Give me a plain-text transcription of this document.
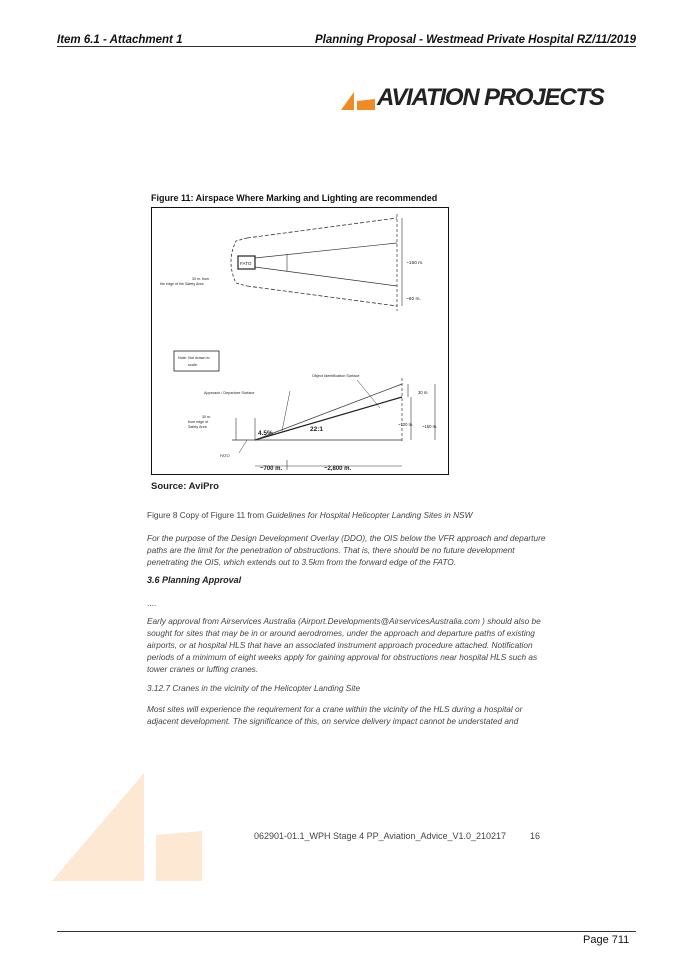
Item 6.1 - Attachment 1	Planning Proposal - Westmead Private Hospital RZ/11/2019
AVIATION PROJECTS
Figure 11: Airspace Where Marking and Lighting are recommended
FATO	~150 m.
~60 m.
30 m. from
the edge of the Safety Area
Note: Not drawn to
scale.
Object Identification Surface
Approach / Departure Surface
30 m.
from edge of
Safety Area
FATO
4.5%
22:1
30 m.
~120 m. ~150 m.
~700 m.	~2,800 m.
Source: AviPro
Figure 8 Copy of Figure 11 from Guidelines for Hospital Helicopter Landing Sites in NSW
For the purpose of the Design Development Overlay (DDO), the OIS below the VFR approach and departure paths are the limit for the penetration of obstructions. That is, there should be no future development penetrating the OIS, which extends out to 3.5km from the forward edge of the FATO.
3.6 Planning Approval
....
Early approval from Airservices Australia (Airport.Developments@AirservicesAustralia.com ) should also be sought for sites that may be in or around aerodromes, under the approach and departure paths of existing airports, or at hospital HLS that have an associated instrument approach procedure attached. Notification periods of a minimum of eight weeks apply for gaining approval for obstructions near hospital HLS such as tower cranes or luffing cranes.
3.12.7 Cranes in the vicinity of the Helicopter Landing Site
Most sites will experience the requirement for a crane within the vicinity of the HLS during a hospital or adjacent development. The significance of this, on service delivery impact cannot be understated and
062901-01.1_WPH Stage 4 PP_Aviation_Advice_V1.0_210217	16
Page 711
